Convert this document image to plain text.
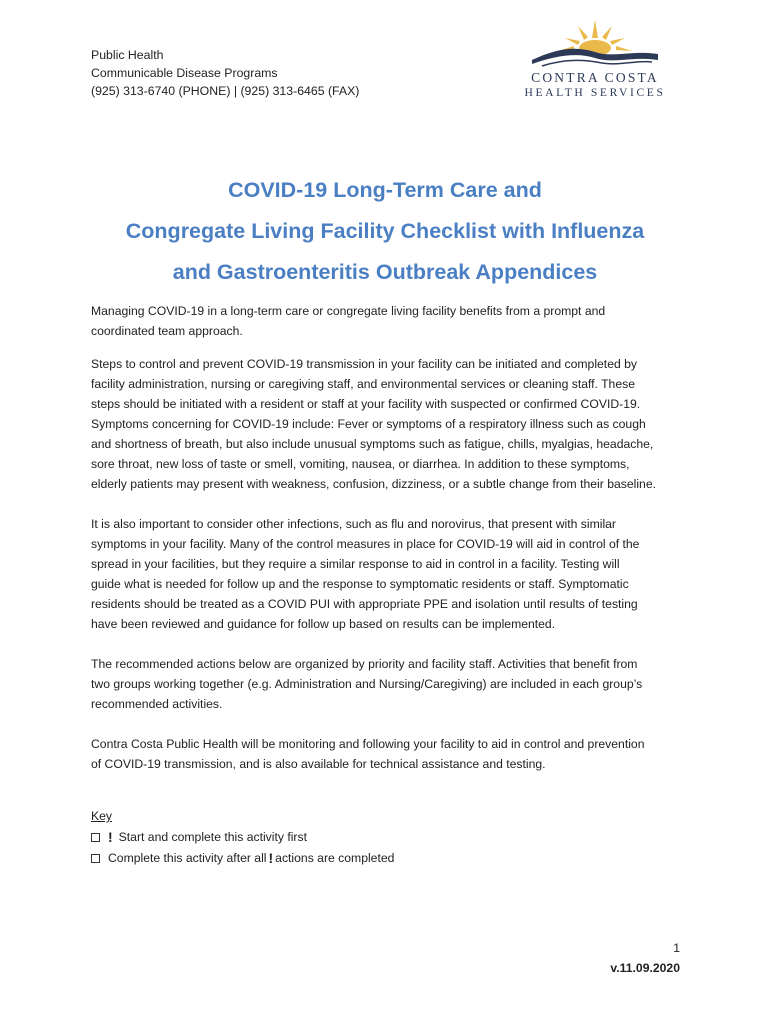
Public Health
Communicable Disease Programs
(925) 313-6740 (PHONE) | (925) 313-6465 (FAX)
CONTRA COSTA
HEALTH SERVICES
COVID-19 Long-Term Care and
Congregate Living Facility Checklist with Influenza
and Gastroenteritis Outbreak Appendices
Managing COVID-19 in a long-term care or congregate living facility benefits from a prompt and
coordinated team approach.
Steps to control and prevent COVID-19 transmission in your facility can be initiated and completed by
facility administration, nursing or caregiving staff, and environmental services or cleaning staff. These
steps should be initiated with a resident or staff at your facility with suspected or confirmed COVID-19.
Symptoms concerning for COVID-19 include: Fever or symptoms of a respiratory illness such as cough
and shortness of breath, but also include unusual symptoms such as fatigue, chills, myalgias, headache,
sore throat, new loss of taste or smell, vomiting, nausea, or diarrhea. In addition to these symptoms,
elderly patients may present with weakness, confusion, dizziness, or a subtle change from their baseline.
It is also important to consider other infections, such as flu and norovirus, that present with similar
symptoms in your facility. Many of the control measures in place for COVID-19 will aid in control of the
spread in your facilities, but they require a similar response to aid in control in a facility. Testing will
guide what is needed for follow up and the response to symptomatic residents or staff. Symptomatic
residents should be treated as a COVID PUI with appropriate PPE and isolation until results of testing
have been reviewed and guidance for follow up based on results can be implemented.
The recommended actions below are organized by priority and facility staff. Activities that benefit from
two groups working together (e.g. Administration and Nursing/Caregiving) are included in each group’s
recommended activities.
Contra Costa Public Health will be monitoring and following your facility to aid in control and prevention
of COVID-19 transmission, and is also available for technical assistance and testing.
Key
! Start and complete this activity first
Complete this activity after all ! actions are completed
1
v.11.09.2020
